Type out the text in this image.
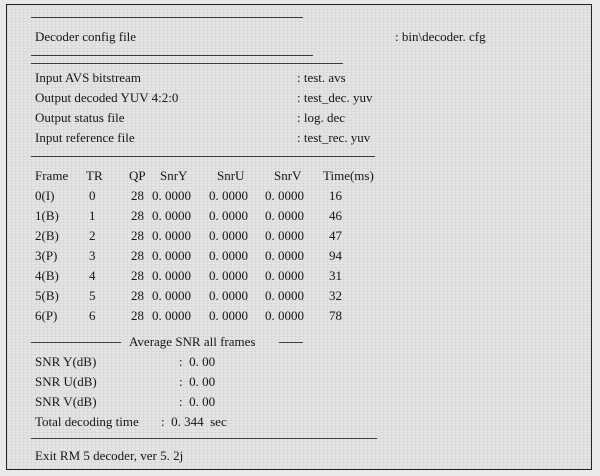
Decoder config file	: bin\decoder. cfg
Input AVS bitstream	: test. avs
Output decoded YUV 4:2:0	: test_dec. yuv
Output status file	: log. dec
Input reference file	: test_rec. yuv
Frame TR QP SnrY SnrU SnrV Time(ms)
0(I)	0	28 0. 0000 0. 0000 0. 0000 16
1(B) 1	28 0. 0000 0. 0000 0. 0000 46
2(B) 2	28 0. 0000 0. 0000 0. 0000 47
3(P) 3	28 0. 0000 0. 0000 0. 0000 94
4(B) 4	28 0. 0000 0. 0000 0. 0000 31
5(B) 5	28 0. 0000 0. 0000 0. 0000 32
6(P) 6	28 0. 0000 0. 0000 0. 0000 78
Average SNR all frames
SNR Y(dB)	:  0. 00
SNR U(dB)	:  0. 00
SNR V(dB)	:  0. 00
Total decoding time :  0. 344  sec
Exit RM 5 decoder, ver 5. 2j
